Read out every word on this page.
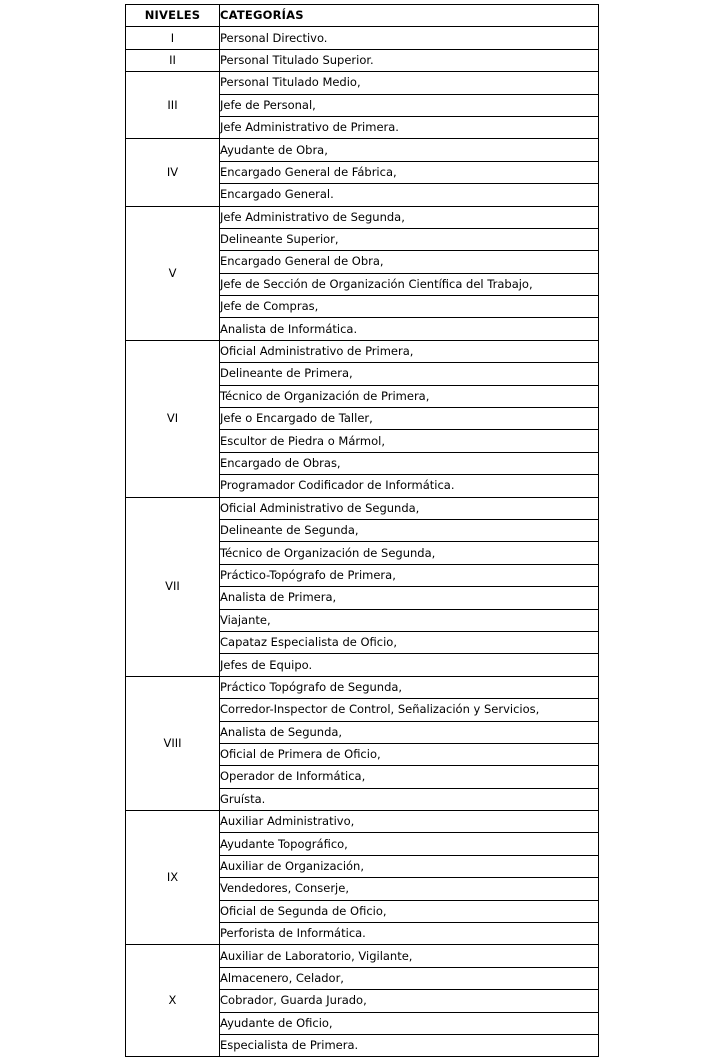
NIVELES	CATEGORÍAS
I	Personal Directivo.
II	Personal Titulado Superior.
III	Personal Titulado Medio,
	Jefe de Personal,
	Jefe Administrativo de Primera.
IV	Ayudante de Obra,
	Encargado General de Fábrica,
	Encargado General.
V	Jefe Administrativo de Segunda,
	Delineante Superior,
	Encargado General de Obra,
	Jefe de Sección de Organización Científica del Trabajo,
	Jefe de Compras,
	Analista de Informática.
VI	Oficial Administrativo de Primera,
	Delineante de Primera,
	Técnico de Organización de Primera,
	Jefe o Encargado de Taller,
	Escultor de Piedra o Mármol,
	Encargado de Obras,
	Programador Codificador de Informática.
VII	Oficial Administrativo de Segunda,
	Delineante de Segunda,
	Técnico de Organización de Segunda,
	Práctico-Topógrafo de Primera,
	Analista de Primera,
	Viajante,
	Capataz Especialista de Oficio,
	Jefes de Equipo.
VIII	Práctico Topógrafo de Segunda,
	Corredor-Inspector de Control, Señalización y Servicios,
	Analista de Segunda,
	Oficial de Primera de Oficio,
	Operador de Informática,
	Gruísta.
IX	Auxiliar Administrativo,
	Ayudante Topográfico,
	Auxiliar de Organización,
	Vendedores, Conserje,
	Oficial de Segunda de Oficio,
	Perforista de Informática.
X	Auxiliar de Laboratorio, Vigilante,
	Almacenero, Celador,
	Cobrador, Guarda Jurado,
	Ayudante de Oficio,
	Especialista de Primera.
